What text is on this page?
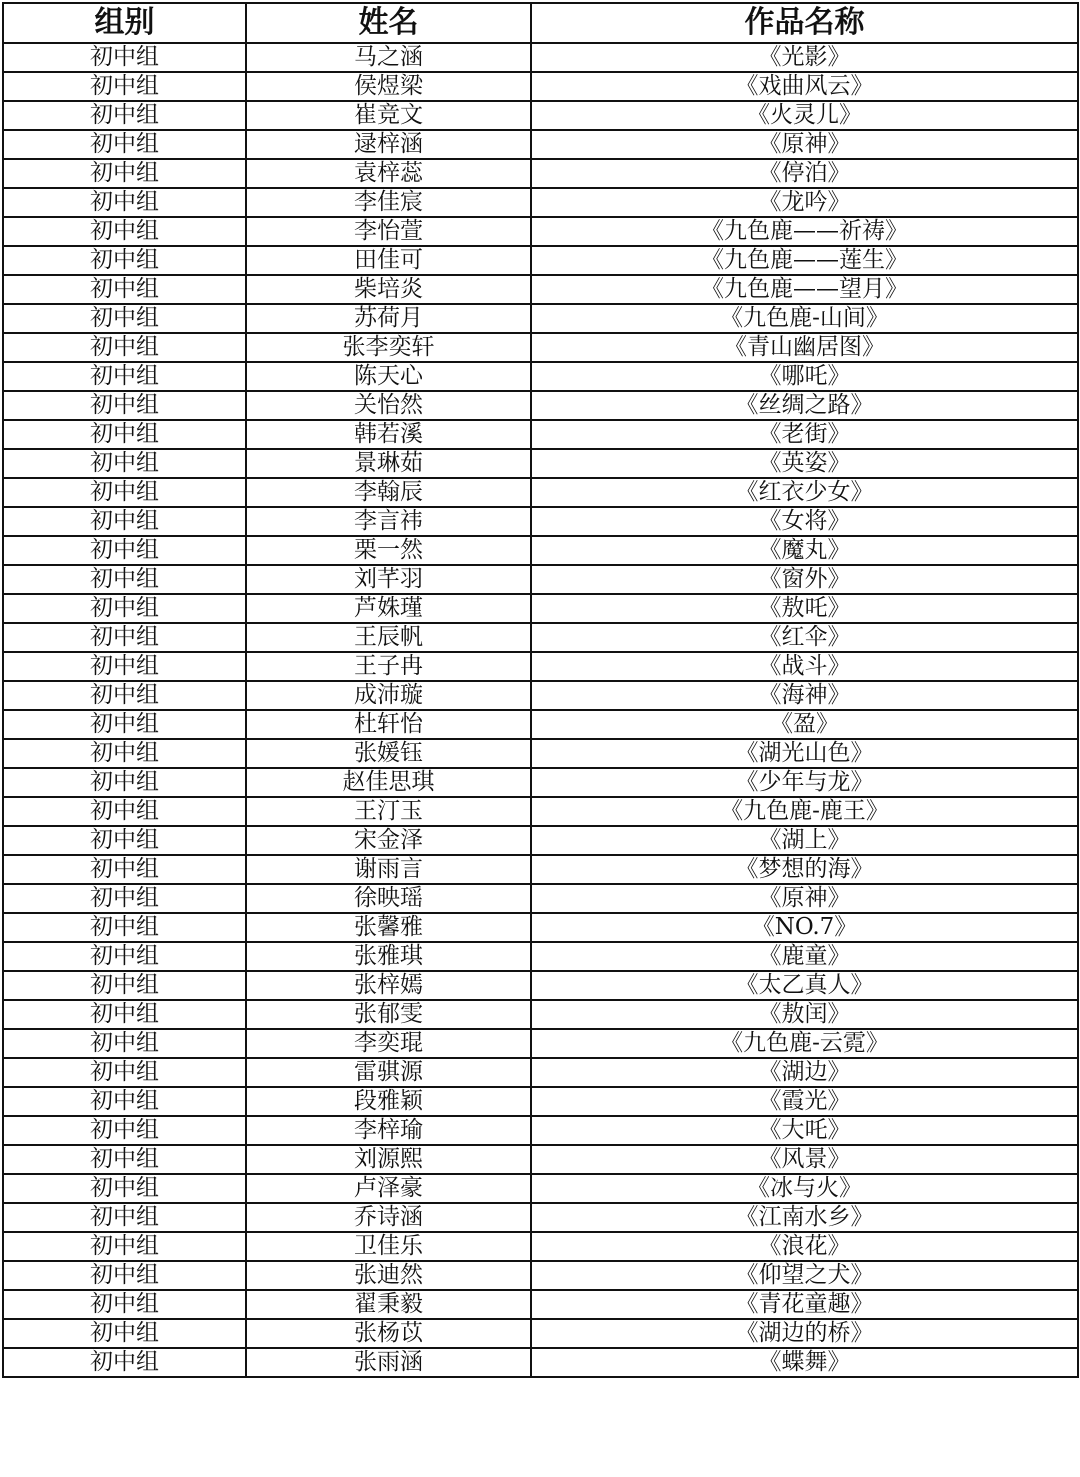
组别	姓名	作品名称
初中组	马之涵	《光影》
初中组	侯煜梁	《戏曲风云》
初中组	崔竞文	《火灵儿》
初中组	逯梓涵	《原神》
初中组	袁梓蕊	《停泊》
初中组	李佳宸	《龙吟》
初中组	李怡萱	《九色鹿——祈祷》
初中组	田佳可	《九色鹿——莲生》
初中组	柴培炎	《九色鹿——望月》
初中组	苏荷月	《九色鹿-山间》
初中组	张李奕轩	《青山幽居图》
初中组	陈天心	《哪吒》
初中组	关怡然	《丝绸之路》
初中组	韩若溪	《老街》
初中组	景琳茹	《英姿》
初中组	李翰辰	《红衣少女》
初中组	李言祎	《女将》
初中组	栗一然	《魔丸》
初中组	刘芊羽	《窗外》
初中组	芦姝瑾	《敖吒》
初中组	王辰帆	《红伞》
初中组	王子冉	《战斗》
初中组	成沛璇	《海神》
初中组	杜轩怡	《盈》
初中组	张媛钰	《湖光山色》
初中组	赵佳思琪	《少年与龙》
初中组	王汀玉	《九色鹿-鹿王》
初中组	宋金泽	《湖上》
初中组	谢雨言	《梦想的海》
初中组	徐映瑶	《原神》
初中组	张馨雅	《NO.7》
初中组	张雅琪	《鹿童》
初中组	张梓嫣	《太乙真人》
初中组	张郁雯	《敖闰》
初中组	李奕琨	《九色鹿-云霓》
初中组	雷骐源	《湖边》
初中组	段雅颖	《霞光》
初中组	李梓瑜	《大吒》
初中组	刘源熙	《风景》
初中组	卢泽豪	《冰与火》
初中组	乔诗涵	《江南水乡》
初中组	卫佳乐	《浪花》
初中组	张迪然	《仰望之犬》
初中组	翟秉毅	《青花童趣》
初中组	张杨苡	《湖边的桥》
初中组	张雨涵	《蝶舞》
